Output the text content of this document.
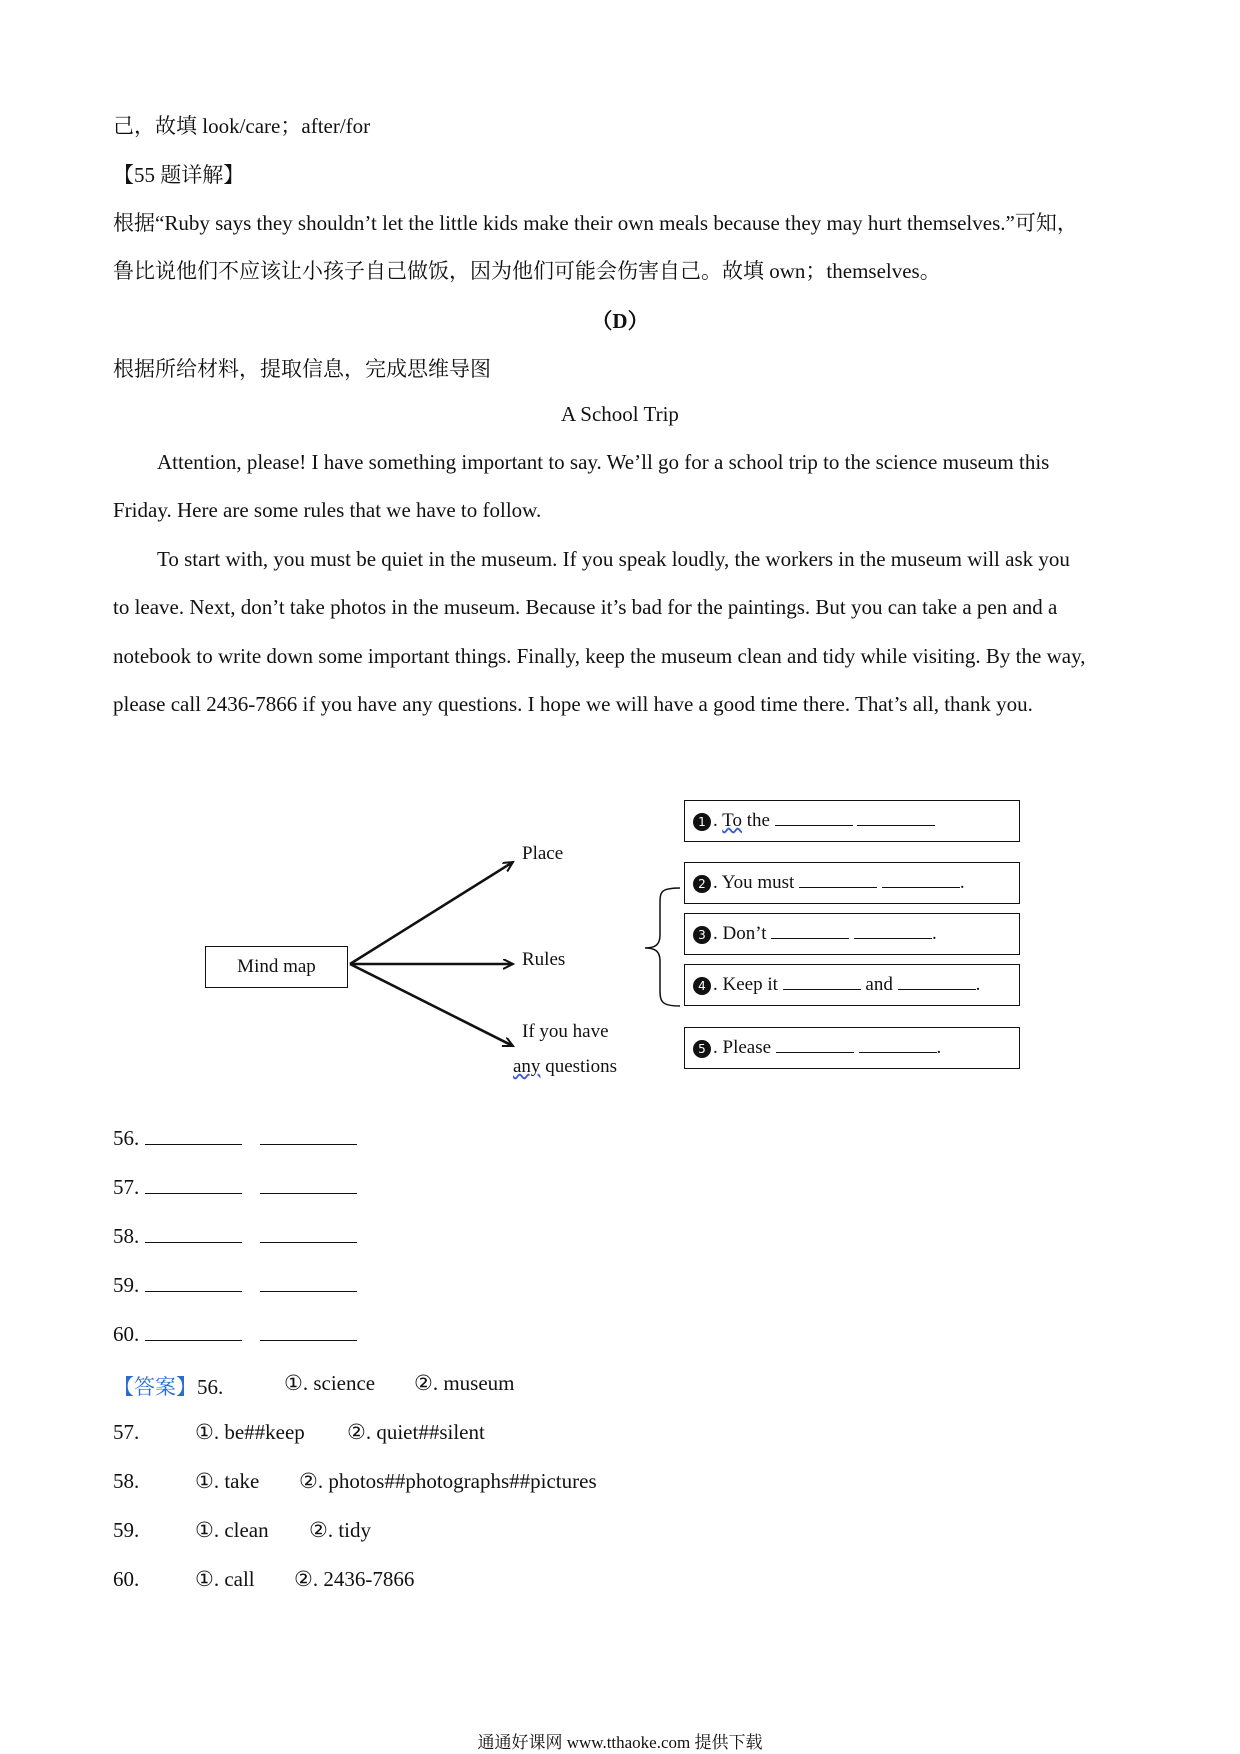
己，故填 look/care；after/for
【55 题详解】
根据“Ruby says they shouldn’t let the little kids make their own meals because they may hurt themselves.”可知，
鲁比说他们不应该让小孩子自己做饭，因为他们可能会伤害自己。故填 own；themselves。
（D）
根据所给材料，提取信息，完成思维导图
A School Trip
Attention, please! I have something important to say. We’ll go for a school trip to the science museum this
Friday. Here are some rules that we have to follow.
To start with, you must be quiet in the museum. If you speak loudly, the workers in the museum will ask you
to leave. Next, don’t take photos in the museum. Because it’s bad for the paintings. But you can take a pen and a
notebook to write down some important things. Finally, keep the museum clean and tidy while visiting. By the way,
please call 2436-7866 if you have any questions. I hope we will have a good time there. That’s all, thank you.
Mind map
Place
Rules
If you have
any questions
1 . To the
2 . You must	.
3 . Don’t	.
4 . Keep it	and	.
5 . Please	.
56.
57.
58.
59.
60.
【答案】56.	①. science ②. museum
57.	①. be##keep ②. quiet##silent
58.	①. take ②. photos##photographs##pictures
59.	①. clean ②. tidy
60.	①. call ②. 2436-7866
通通好课网 www.tthaoke.com 提供下载
